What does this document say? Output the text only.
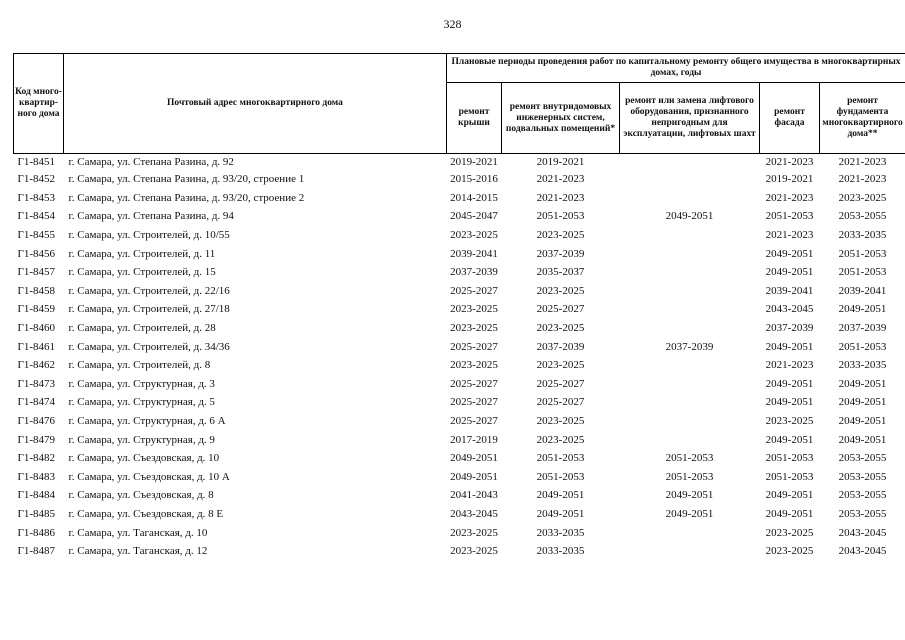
328
Код много-квартир-ного дома	Почтовый адрес многоквартирного дома	Плановые периоды проведения работ по капитальному ремонту общего имущества в многоквартирных домах, годы				
		ремонт крыши	ремонт внутридомовых инженерных систем, подвальных помещений*	ремонт или замена лифтового оборудования, признанного непригодным для эксплуатации, лифтовых шахт	ремонт фасада	ремонт фундамента многоквартирного дома**
Г1-8451	г. Самара, ул. Степана Разина, д. 92	2019-2021	2019-2021		2021-2023	2021-2023
Г1-8452	г. Самара, ул. Степана Разина, д. 93/20, строение 1	2015-2016	2021-2023		2019-2021	2021-2023
Г1-8453	г. Самара, ул. Степана Разина, д. 93/20, строение 2	2014-2015	2021-2023		2021-2023	2023-2025
Г1-8454	г. Самара, ул. Степана Разина, д. 94	2045-2047	2051-2053	2049-2051	2051-2053	2053-2055
Г1-8455	г. Самара, ул. Строителей, д. 10/55	2023-2025	2023-2025		2021-2023	2033-2035
Г1-8456	г. Самара, ул. Строителей, д. 11	2039-2041	2037-2039		2049-2051	2051-2053
Г1-8457	г. Самара, ул. Строителей, д. 15	2037-2039	2035-2037		2049-2051	2051-2053
Г1-8458	г. Самара, ул. Строителей, д. 22/16	2025-2027	2023-2025		2039-2041	2039-2041
Г1-8459	г. Самара, ул. Строителей, д. 27/18	2023-2025	2025-2027		2043-2045	2049-2051
Г1-8460	г. Самара, ул. Строителей, д. 28	2023-2025	2023-2025		2037-2039	2037-2039
Г1-8461	г. Самара, ул. Строителей, д. 34/36	2025-2027	2037-2039	2037-2039	2049-2051	2051-2053
Г1-8462	г. Самара, ул. Строителей, д. 8	2023-2025	2023-2025		2021-2023	2033-2035
Г1-8473	г. Самара, ул. Структурная, д. 3	2025-2027	2025-2027		2049-2051	2049-2051
Г1-8474	г. Самара, ул. Структурная, д. 5	2025-2027	2025-2027		2049-2051	2049-2051
Г1-8476	г. Самара, ул. Структурная, д. 6 А	2025-2027	2023-2025		2023-2025	2049-2051
Г1-8479	г. Самара, ул. Структурная, д. 9	2017-2019	2023-2025		2049-2051	2049-2051
Г1-8482	г. Самара, ул. Съездовская, д. 10	2049-2051	2051-2053	2051-2053	2051-2053	2053-2055
Г1-8483	г. Самара, ул. Съездовская, д. 10 А	2049-2051	2051-2053	2051-2053	2051-2053	2053-2055
Г1-8484	г. Самара, ул. Съездовская, д. 8	2041-2043	2049-2051	2049-2051	2049-2051	2053-2055
Г1-8485	г. Самара, ул. Съездовская, д. 8 Е	2043-2045	2049-2051	2049-2051	2049-2051	2053-2055
Г1-8486	г. Самара, ул. Таганская, д. 10	2023-2025	2033-2035		2023-2025	2043-2045
Г1-8487	г. Самара, ул. Таганская, д. 12	2023-2025	2033-2035		2023-2025	2043-2045
